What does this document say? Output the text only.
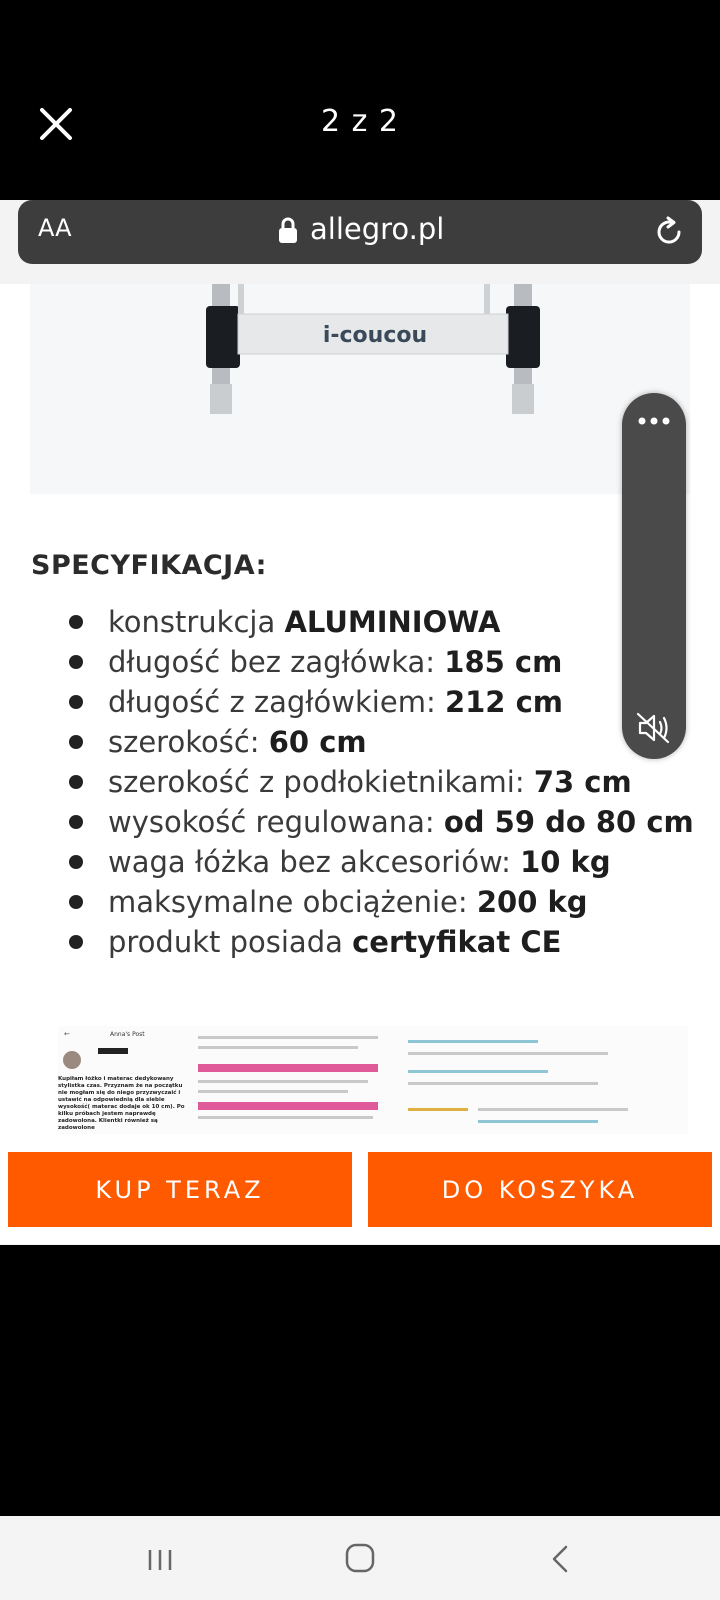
2 z 2
AA	allegro.pl
i-coucou
SPECYFIKACJA:
konstrukcja ALUMINIOWA
długość bez zagłówka: 185 cm
długość z zagłówkiem: 212 cm
szerokość: 60 cm
szerokość z podłokietnikami: 73 cm
wysokość regulowana: od 59 do 80 cm
waga łóżka bez akcesoriów: 10 kg
maksymalne obciążenie: 200 kg
produkt posiada certyfikat CE
←	Anna's Post
Kupiłam łóżko i materac dedykowany stylistka czas. Przyznam że na początku nie mogłam się do niego przyzwyczaić i ustawić na odpowiednią dla siebie wysokość( materac dodaje ok 10 cm). Po kilku próbach jestem naprawdę zadowolona. Klientki również są zadowolone
KUP TERAZ	DO KOSZYKA
